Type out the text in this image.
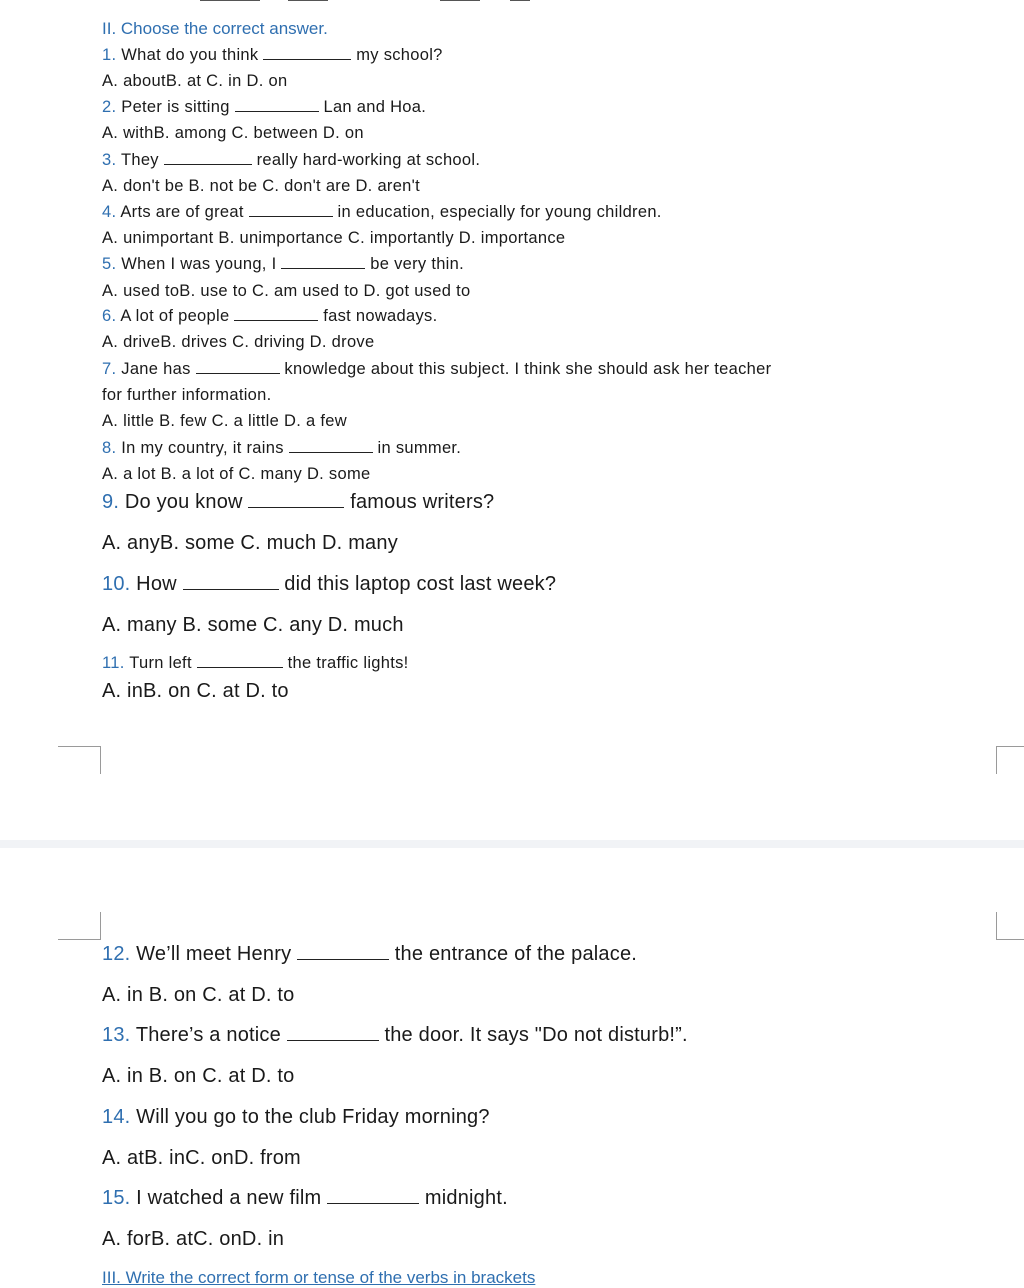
II. Choose the correct answer.
1. What do you think	my school?
A. aboutB. at C. in D. on
2. Peter is sitting	Lan and Hoa.
A. withB. among C. between D. on
3. They	really hard-working at school.
A. don't be B. not be C. don't are D. aren't
4. Arts are of great	in education, especially for young children.
A. unimportant B. unimportance C. importantly D. importance
5. When I was young, I	be very thin.
A. used toB. use to C. am used to D. got used to
6. A lot of people	fast nowadays.
A. driveB. drives C. driving D. drove
7. Jane has	knowledge about this subject. I think she should ask her teacher
for further information.
A. little B. few C. a little D. a few
8. In my country, it rains	in summer.
A. a lot B. a lot of C. many D. some
9. Do you know	famous writers?
A. anyB. some C. much D. many
10. How	did this laptop cost last week?
A. many B. some C. any D. much
11. Turn left	the traffic lights!
A. inB. on C. at D. to
12. We’ll meet Henry	the entrance of the palace.
A. in B. on C. at D. to
13. There’s a notice	the door. It says "Do not disturb!”.
A. in B. on C. at D. to
14. Will you go to the club Friday morning?
A. atB. inC. onD. from
15. I watched a new film	midnight.
A. forB. atC. onD. in
III. Write the correct form or tense of the verbs in brackets
